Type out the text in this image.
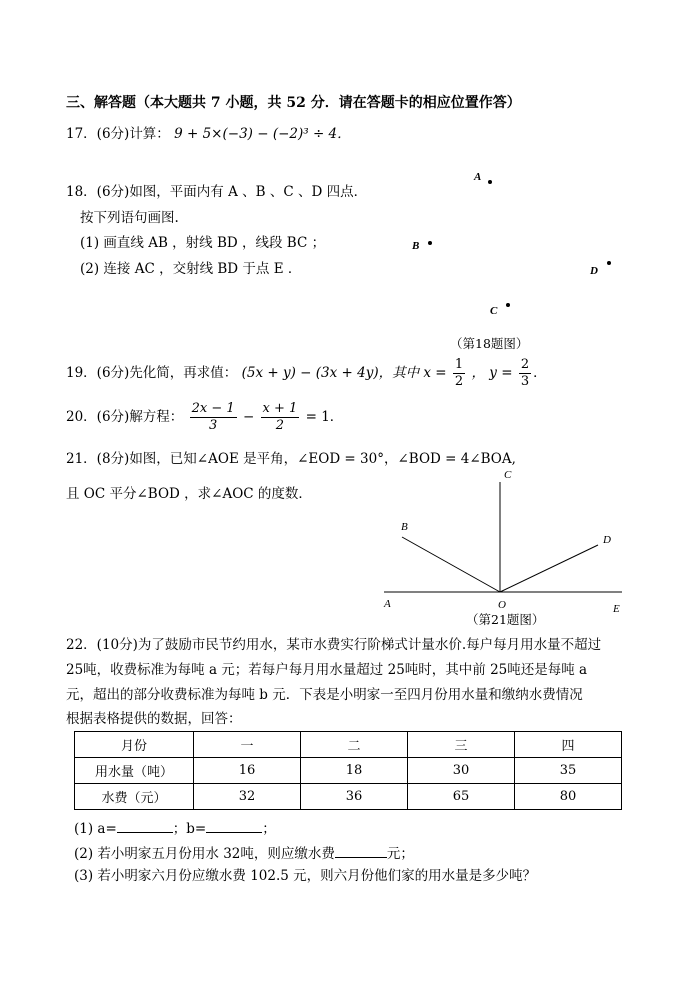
三、解答题（本大题共 7 小题，共 52 分．请在答题卡的相应位置作答）
17．(6分)计算： 9 + 5×(−3) − (−2)³ ÷ 4．
18．(6分)如图，平面内有 A 、B 、C 、D 四点．
按下列语句画图.
(1) 画直线 AB ，射线 BD ，线段 BC ；
(2) 连接 AC ，交射线 BD 于点 E ．
A
B
C
D
（第18题图）
19．(6分)先化简，再求值： (5x + y) − (3x + 4y)，其中 $x = \frac{1}{2}$ ， $y = \frac{2}{3}$ ．
20．(6分)解方程： $\frac{2x - 1}{3} - \frac{x + 1}{2} = 1$．
21．(8分)如图，已知∠AOE 是平角，∠EOD = 30°，∠BOD = 4∠BOA,
且 OC 平分∠BOD ，求∠AOC 的度数．
C
B
D
A	O	E
（第21题图）
22．(10分)为了鼓励市民节约用水，某市水费实行阶梯式计量水价.每户每月用水量不超过
25吨，收费标准为每吨 a 元；若每户每月用水量超过 25吨时，其中前 25吨还是每吨 a
元，超出的部分收费标准为每吨 b 元．下表是小明家一至四月份用水量和缴纳水费情况
根据表格提供的数据，回答：
月份	一	二	三	四
用水量（吨）	16	18	30	35
水费（元）	32	36	65	80
(1) a=	；b=	；
(2) 若小明家五月份用水 32吨，则应缴水费	元；
(3) 若小明家六月份应缴水费 102.5 元，则六月份他们家的用水量是多少吨？
